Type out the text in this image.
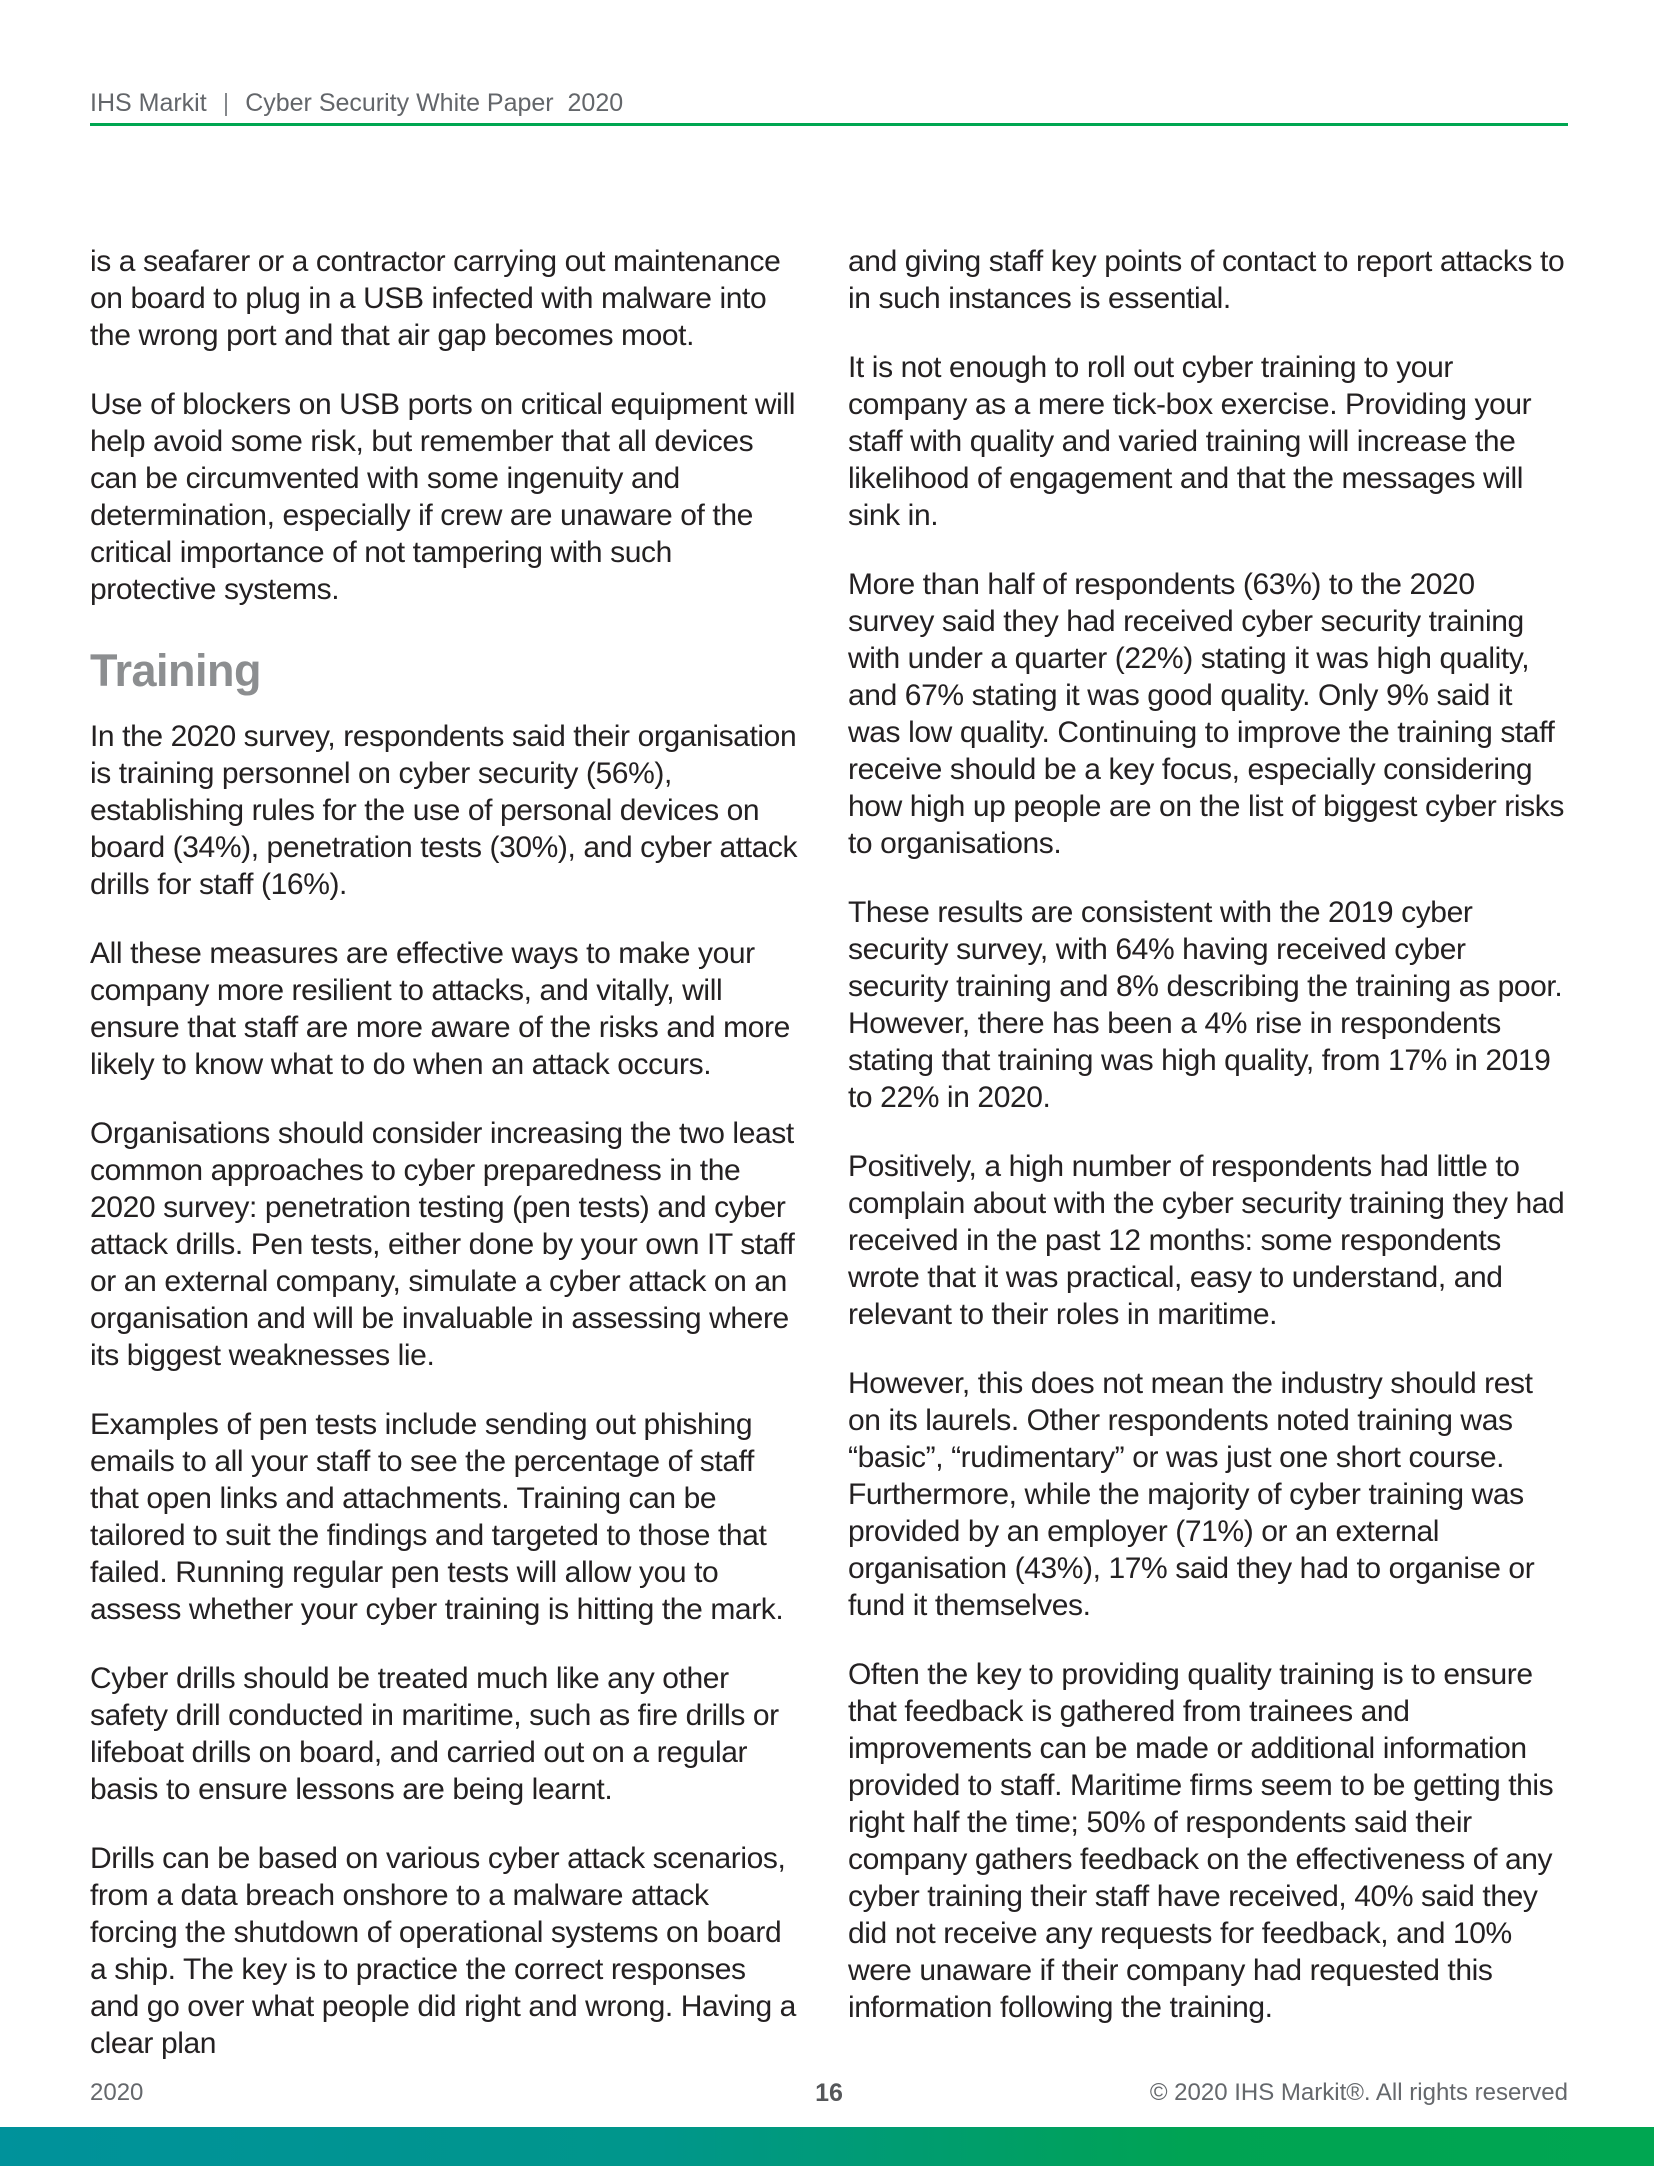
IHS Markit | Cyber Security White Paper  2020

is a seafarer or a contractor carrying out maintenance on board to plug in a USB infected with malware into the wrong port and that air gap becomes moot.

Use of blockers on USB ports on critical equipment will help avoid some risk, but remember that all devices can be circumvented with some ingenuity and determination, especially if crew are unaware of the critical importance of not tampering with such protective systems.

Training

In the 2020 survey, respondents said their organisation is training personnel on cyber security (56%), establishing rules for the use of personal devices on board (34%), penetration tests (30%), and cyber attack drills for staff (16%).

All these measures are effective ways to make your company more resilient to attacks, and vitally, will ensure that staff are more aware of the risks and more likely to know what to do when an attack occurs.

Organisations should consider increasing the two least common approaches to cyber preparedness in the 2020 survey: penetration testing (pen tests) and cyber attack drills. Pen tests, either done by your own IT staff or an external company, simulate a cyber attack on an organisation and will be invaluable in assessing where its biggest weaknesses lie.

Examples of pen tests include sending out phishing emails to all your staff to see the percentage of staff that open links and attachments. Training can be tailored to suit the findings and targeted to those that failed. Running regular pen tests will allow you to assess whether your cyber training is hitting the mark.

Cyber drills should be treated much like any other safety drill conducted in maritime, such as fire drills or lifeboat drills on board, and carried out on a regular basis to ensure lessons are being learnt.

Drills can be based on various cyber attack scenarios, from a data breach onshore to a malware attack forcing the shutdown of operational systems on board a ship. The key is to practice the correct responses and go over what people did right and wrong. Having a clear plan

and giving staff key points of contact to report attacks to in such instances is essential.

It is not enough to roll out cyber training to your company as a mere tick-box exercise. Providing your staff with quality and varied training will increase the likelihood of engagement and that the messages will sink in.

More than half of respondents (63%) to the 2020 survey said they had received cyber security training with under a quarter (22%) stating it was high quality, and 67% stating it was good quality. Only 9% said it was low quality. Continuing to improve the training staff receive should be a key focus, especially considering how high up people are on the list of biggest cyber risks to organisations.

These results are consistent with the 2019 cyber security survey, with 64% having received cyber security training and 8% describing the training as poor. However, there has been a 4% rise in respondents stating that training was high quality, from 17% in 2019 to 22% in 2020.

Positively, a high number of respondents had little to complain about with the cyber security training they had received in the past 12 months: some respondents wrote that it was practical, easy to understand, and relevant to their roles in maritime.

However, this does not mean the industry should rest on its laurels. Other respondents noted training was “basic”, “rudimentary” or was just one short course. Furthermore, while the majority of cyber training was provided by an employer (71%) or an external organisation (43%), 17% said they had to organise or fund it themselves.

Often the key to providing quality training is to ensure that feedback is gathered from trainees and improvements can be made or additional information provided to staff. Maritime firms seem to be getting this right half the time; 50% of respondents said their company gathers feedback on the effectiveness of any cyber training their staff have received, 40% said they did not receive any requests for feedback, and 10% were unaware if their company had requested this information following the training.

2020	16	© 2020 IHS Markit®. All rights reserved
